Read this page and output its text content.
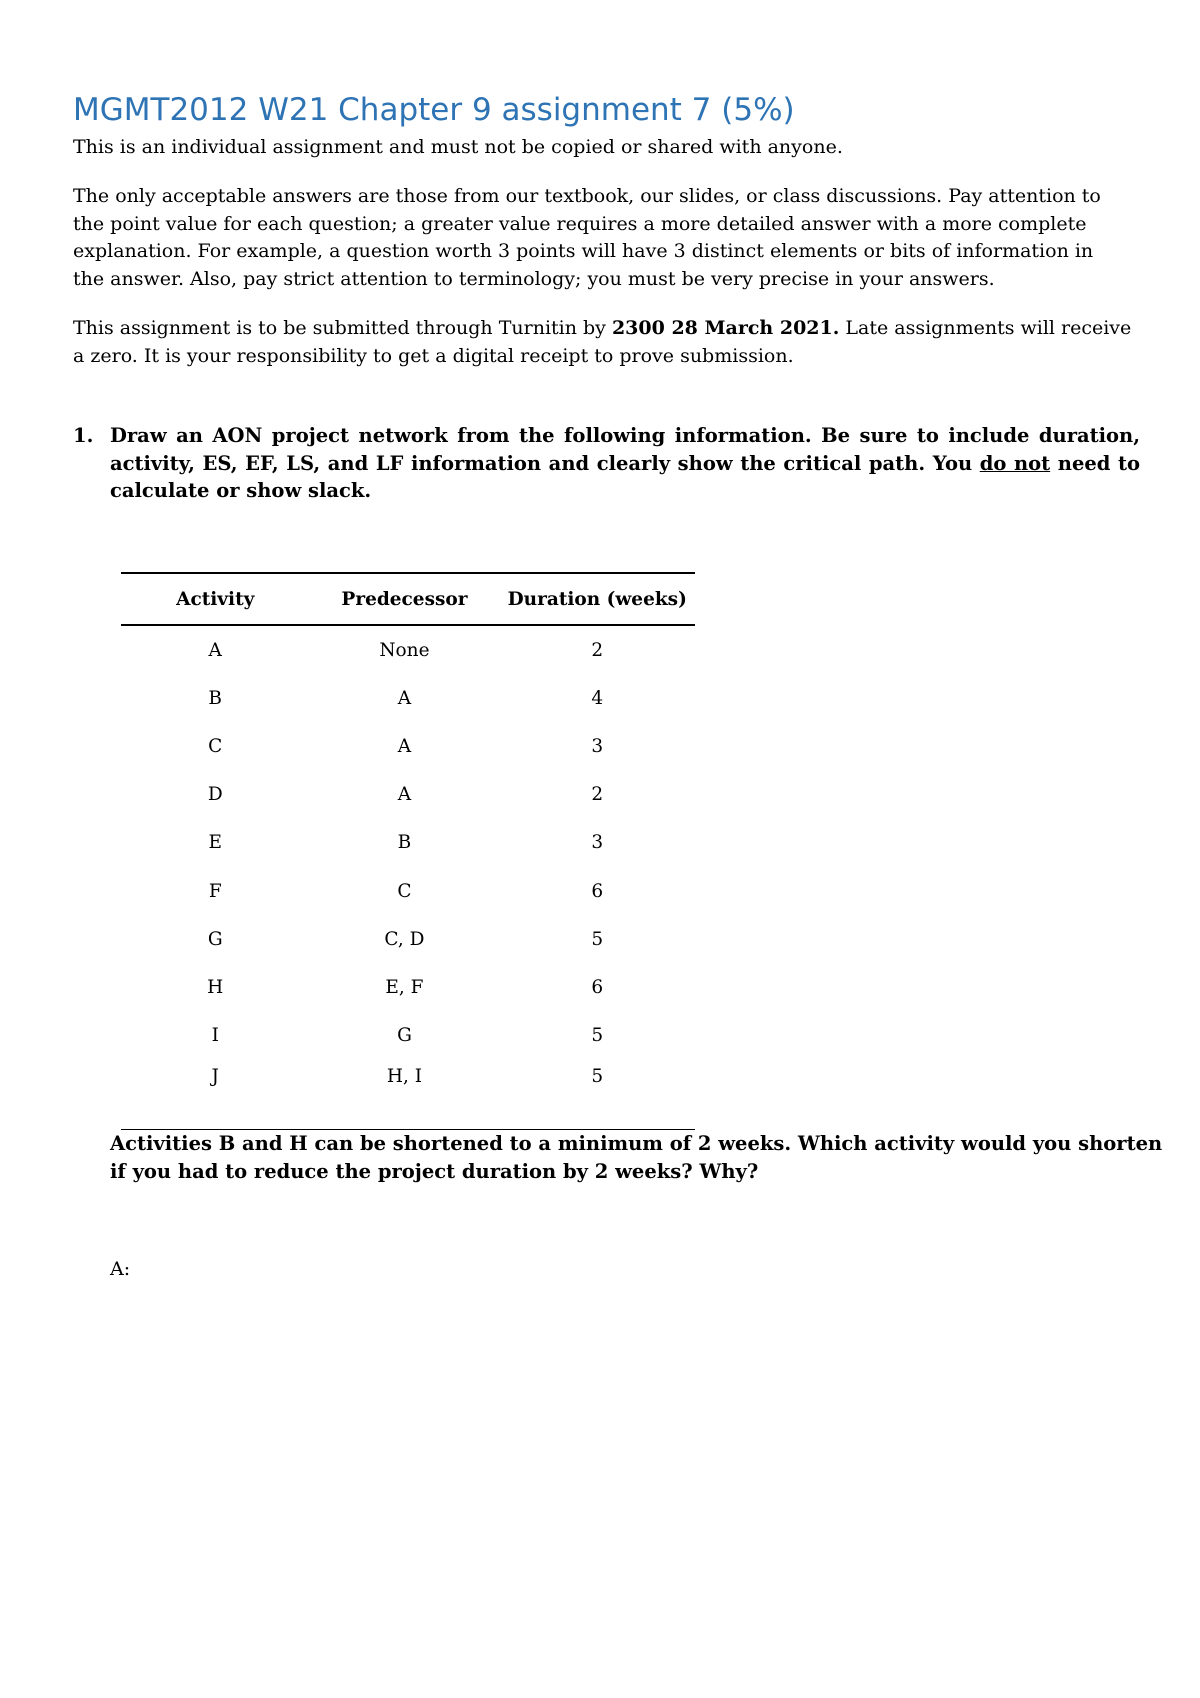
MGMT2012 W21 Chapter 9 assignment 7 (5%)

This is an individual assignment and must not be copied or shared with anyone.

The only acceptable answers are those from our textbook, our slides, or class discussions. Pay attention to
the point value for each question; a greater value requires a more detailed answer with a more complete
explanation. For example, a question worth 3 points will have 3 distinct elements or bits of information in
the answer. Also, pay strict attention to terminology; you must be very precise in your answers.

This assignment is to be submitted through Turnitin by 2300 28 March 2021. Late assignments will receive
a zero. It is your responsibility to get a digital receipt to prove submission.

1. Draw an AON project network from the following information. Be sure to include duration,
activity, ES, EF, LS, and LF information and clearly show the critical path. You do not need to
calculate or show slack.
Activity	Predecessor	Duration (weeks)
A	None	2
B	A	4
C	A	3
D	A	2
E	B	3
F	C	6
G	C, D	5
H	E, F	6
I	G	5
J	H, I	5
Activities B and H can be shortened to a minimum of 2 weeks. Which activity would you shorten
if you had to reduce the project duration by 2 weeks? Why?

A:
